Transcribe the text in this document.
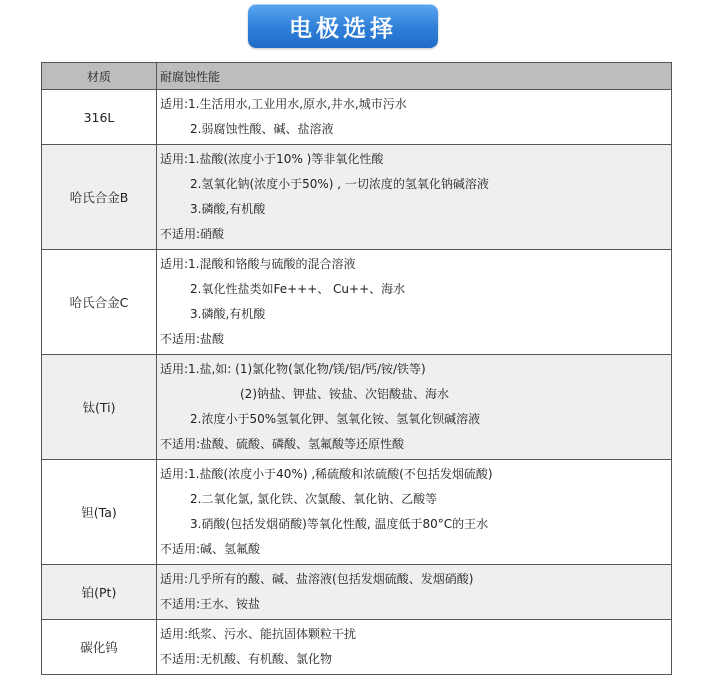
电极选择
材质	耐腐蚀性能
316L	适用:1.生活用水,工业用水,原水,井水,城市污水
2.弱腐蚀性酸、碱、盐溶液

哈氏合金B	适用:1.盐酸(浓度小于10% )等非氧化性酸
2.氢氧化钠(浓度小于50%) , 一切浓度的氢氧化钠碱溶液
3.磷酸,有机酸
不适用:硝酸

哈氏合金C	适用:1.混酸和铬酸与硫酸的混合溶液
2.氧化性盐类如Fe+++、 Cu++、海水
3.磷酸,有机酸
不适用:盐酸

钛(Ti)	适用:1.盐,如: (1)氯化物(氯化物/镁/铝/钙/铵/铁等)
(2)钠盐、钾盐、铵盐、次铝酸盐、海水
2.浓度小于50%氢氧化钾、氢氧化铵、氢氧化钡碱溶液
不适用:盐酸、硫酸、磷酸、氢氟酸等还原性酸

钽(Ta)	适用:1.盐酸(浓度小于40%) ,稀硫酸和浓硫酸(不包括发烟硫酸)
2.二氧化氯, 氯化铁、次氯酸、氧化钠、乙酸等
3.硝酸(包括发烟硝酸)等氧化性酸, 温度低于80°C的王水
不适用:碱、氢氟酸

铂(Pt)	适用:几乎所有的酸、碱、盐溶液(包括发烟硫酸、发烟硝酸)
不适用:王水、铵盐

碳化钨	适用:纸浆、污水、能抗固体颗粒干扰
不适用:无机酸、有机酸、氯化物
